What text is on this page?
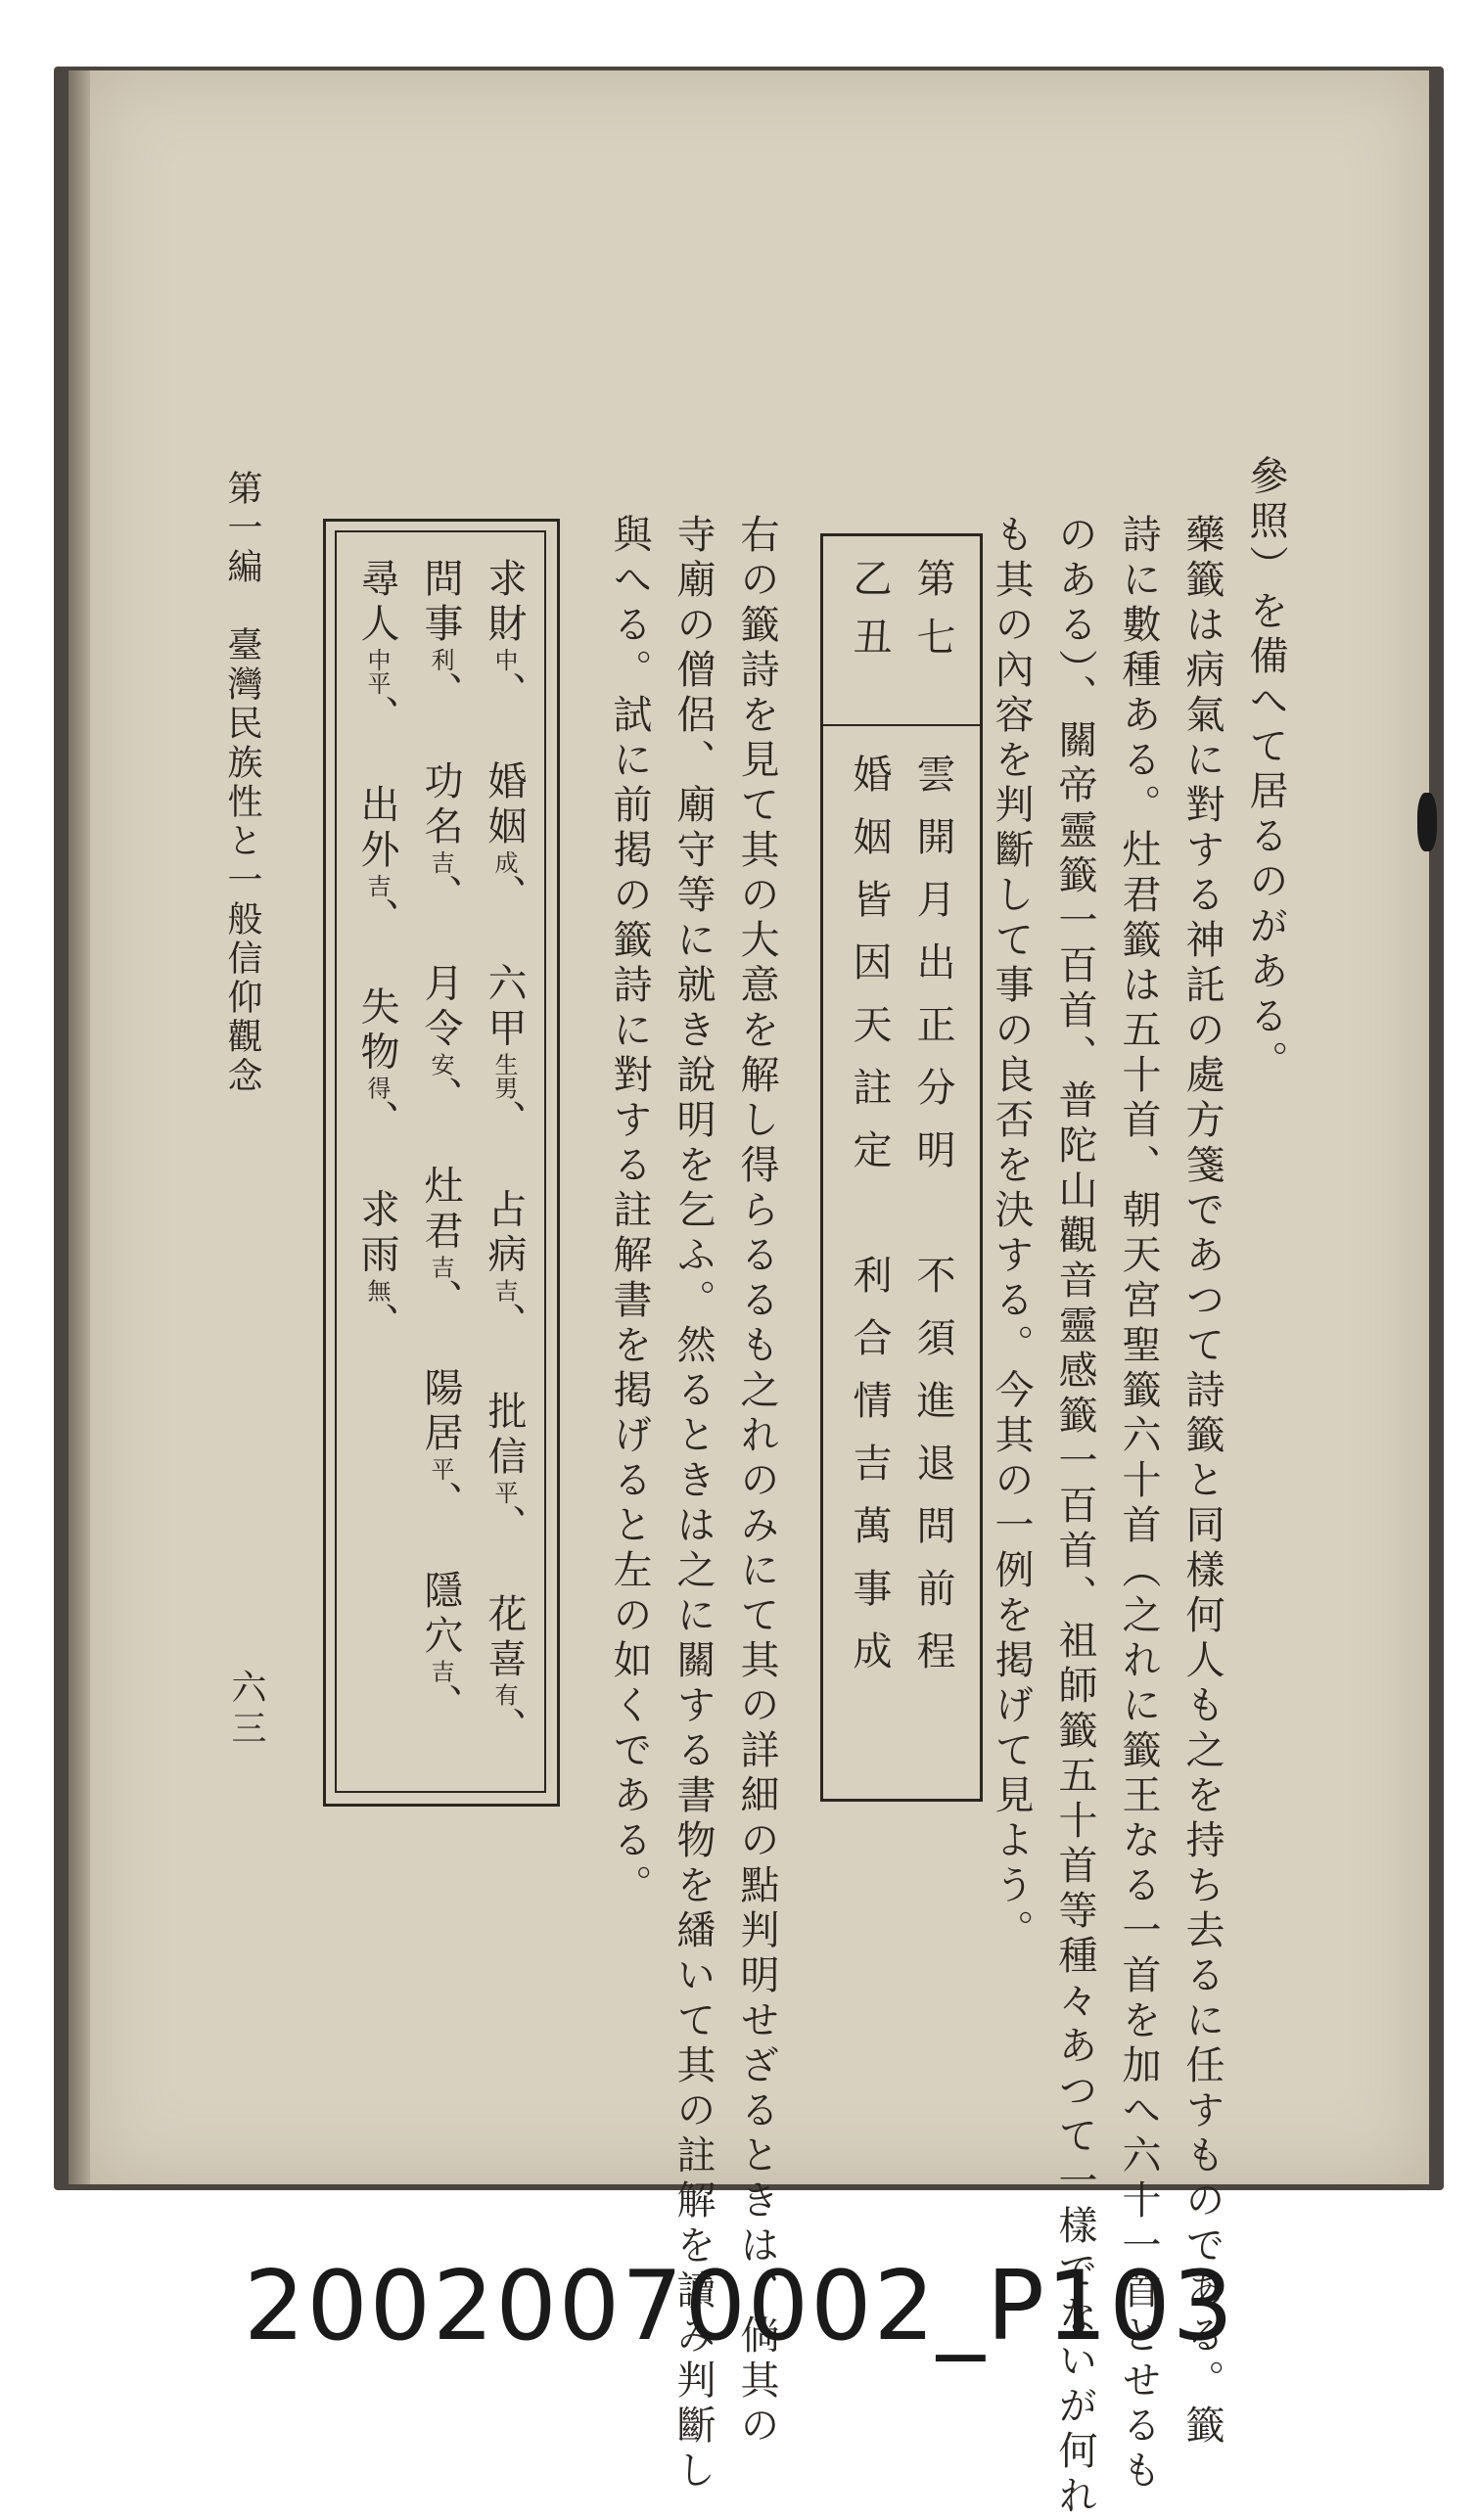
參照）を備へて居るのがある。
藥籤は病氣に對する神託の處方箋であつて詩籤と同樣何人も之を持ち去るに任すものである。籤
詩に數種ある。灶君籤は五十首、朝天宮聖籤六十首（之れに籤王なる一首を加へ六十一首とせるも
のある）、關帝靈籤一百首、普陀山觀音靈感籤一百首、祖師籤五十首等種々あつて一樣でないが何れ
も其の內容を判斷して事の良否を決する。今其の一例を掲げて見よう。
第七
乙丑
雲開月出正分明　不須進退問前程
婚姻皆因天註定　利合情吉萬事成
右の籤詩を見て其の大意を解し得らるるも之れのみにて其の詳細の點判明せざるときは、倘其の
寺廟の僧侶、廟守等に就き說明を乞ふ。然るときは之に關する書物を繙いて其の註解を讀み判斷し
與へる。試に前掲の籤詩に對する註解書を掲げると左の如くである。
求財中、　 婚姻成、　 六甲生男、　 占病吉、　 批信平、　 花喜有、
問事利、　 功名吉、　 月令安、　 灶君吉、　 陽居平、　 隱穴吉、
尋人中平、　 出外吉、　 失物得、　 求雨無、
第一編　臺灣民族性と一般信仰觀念
六三
20020070002_P103
